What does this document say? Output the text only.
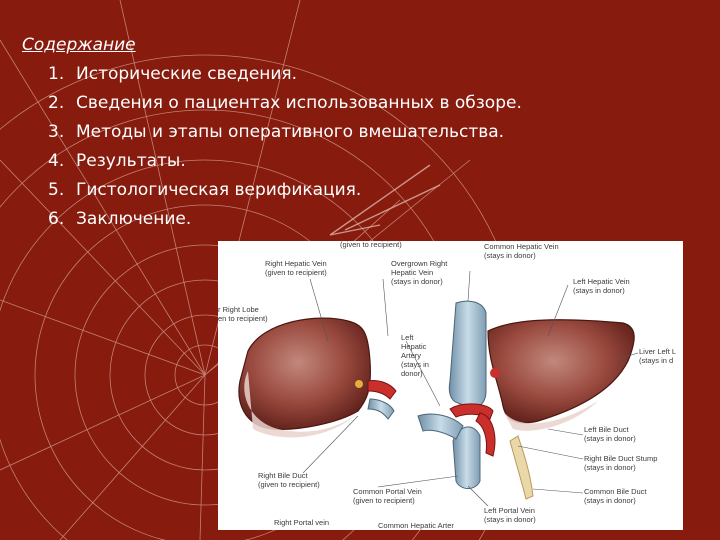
Содержание
1. Исторические сведения.
2. Сведения о пациентах использованных в обзоре.
3. Методы и этапы оперативного вмешательства.
4. Результаты.
5. Гистологическая верификация.
6. Заключение.
(given to recipient)	Common Hepatic Vein
(stays in donor)
Right Hepatic Vein
(given to recipient)
Overgrown Right
Hepatic Vein
(stays in donor)	Left Hepatic Vein
(stays in donor)
r Right Lobe
en to recipient)
Left
Hepatic
Artery
(stays in
donor)
Liver Left L
(stays in d
Left Bile Duct
(stays in donor)
Right Bile Duct Stump
(stays in donor)
Right Bile Duct
(given to recipient)
Common Portal Vein
(given to recipient)
Common Bile Duct
(stays in donor)
Left Portal Vein
(stays in donor)
Right Portal vein	Common Hepatic Arter
